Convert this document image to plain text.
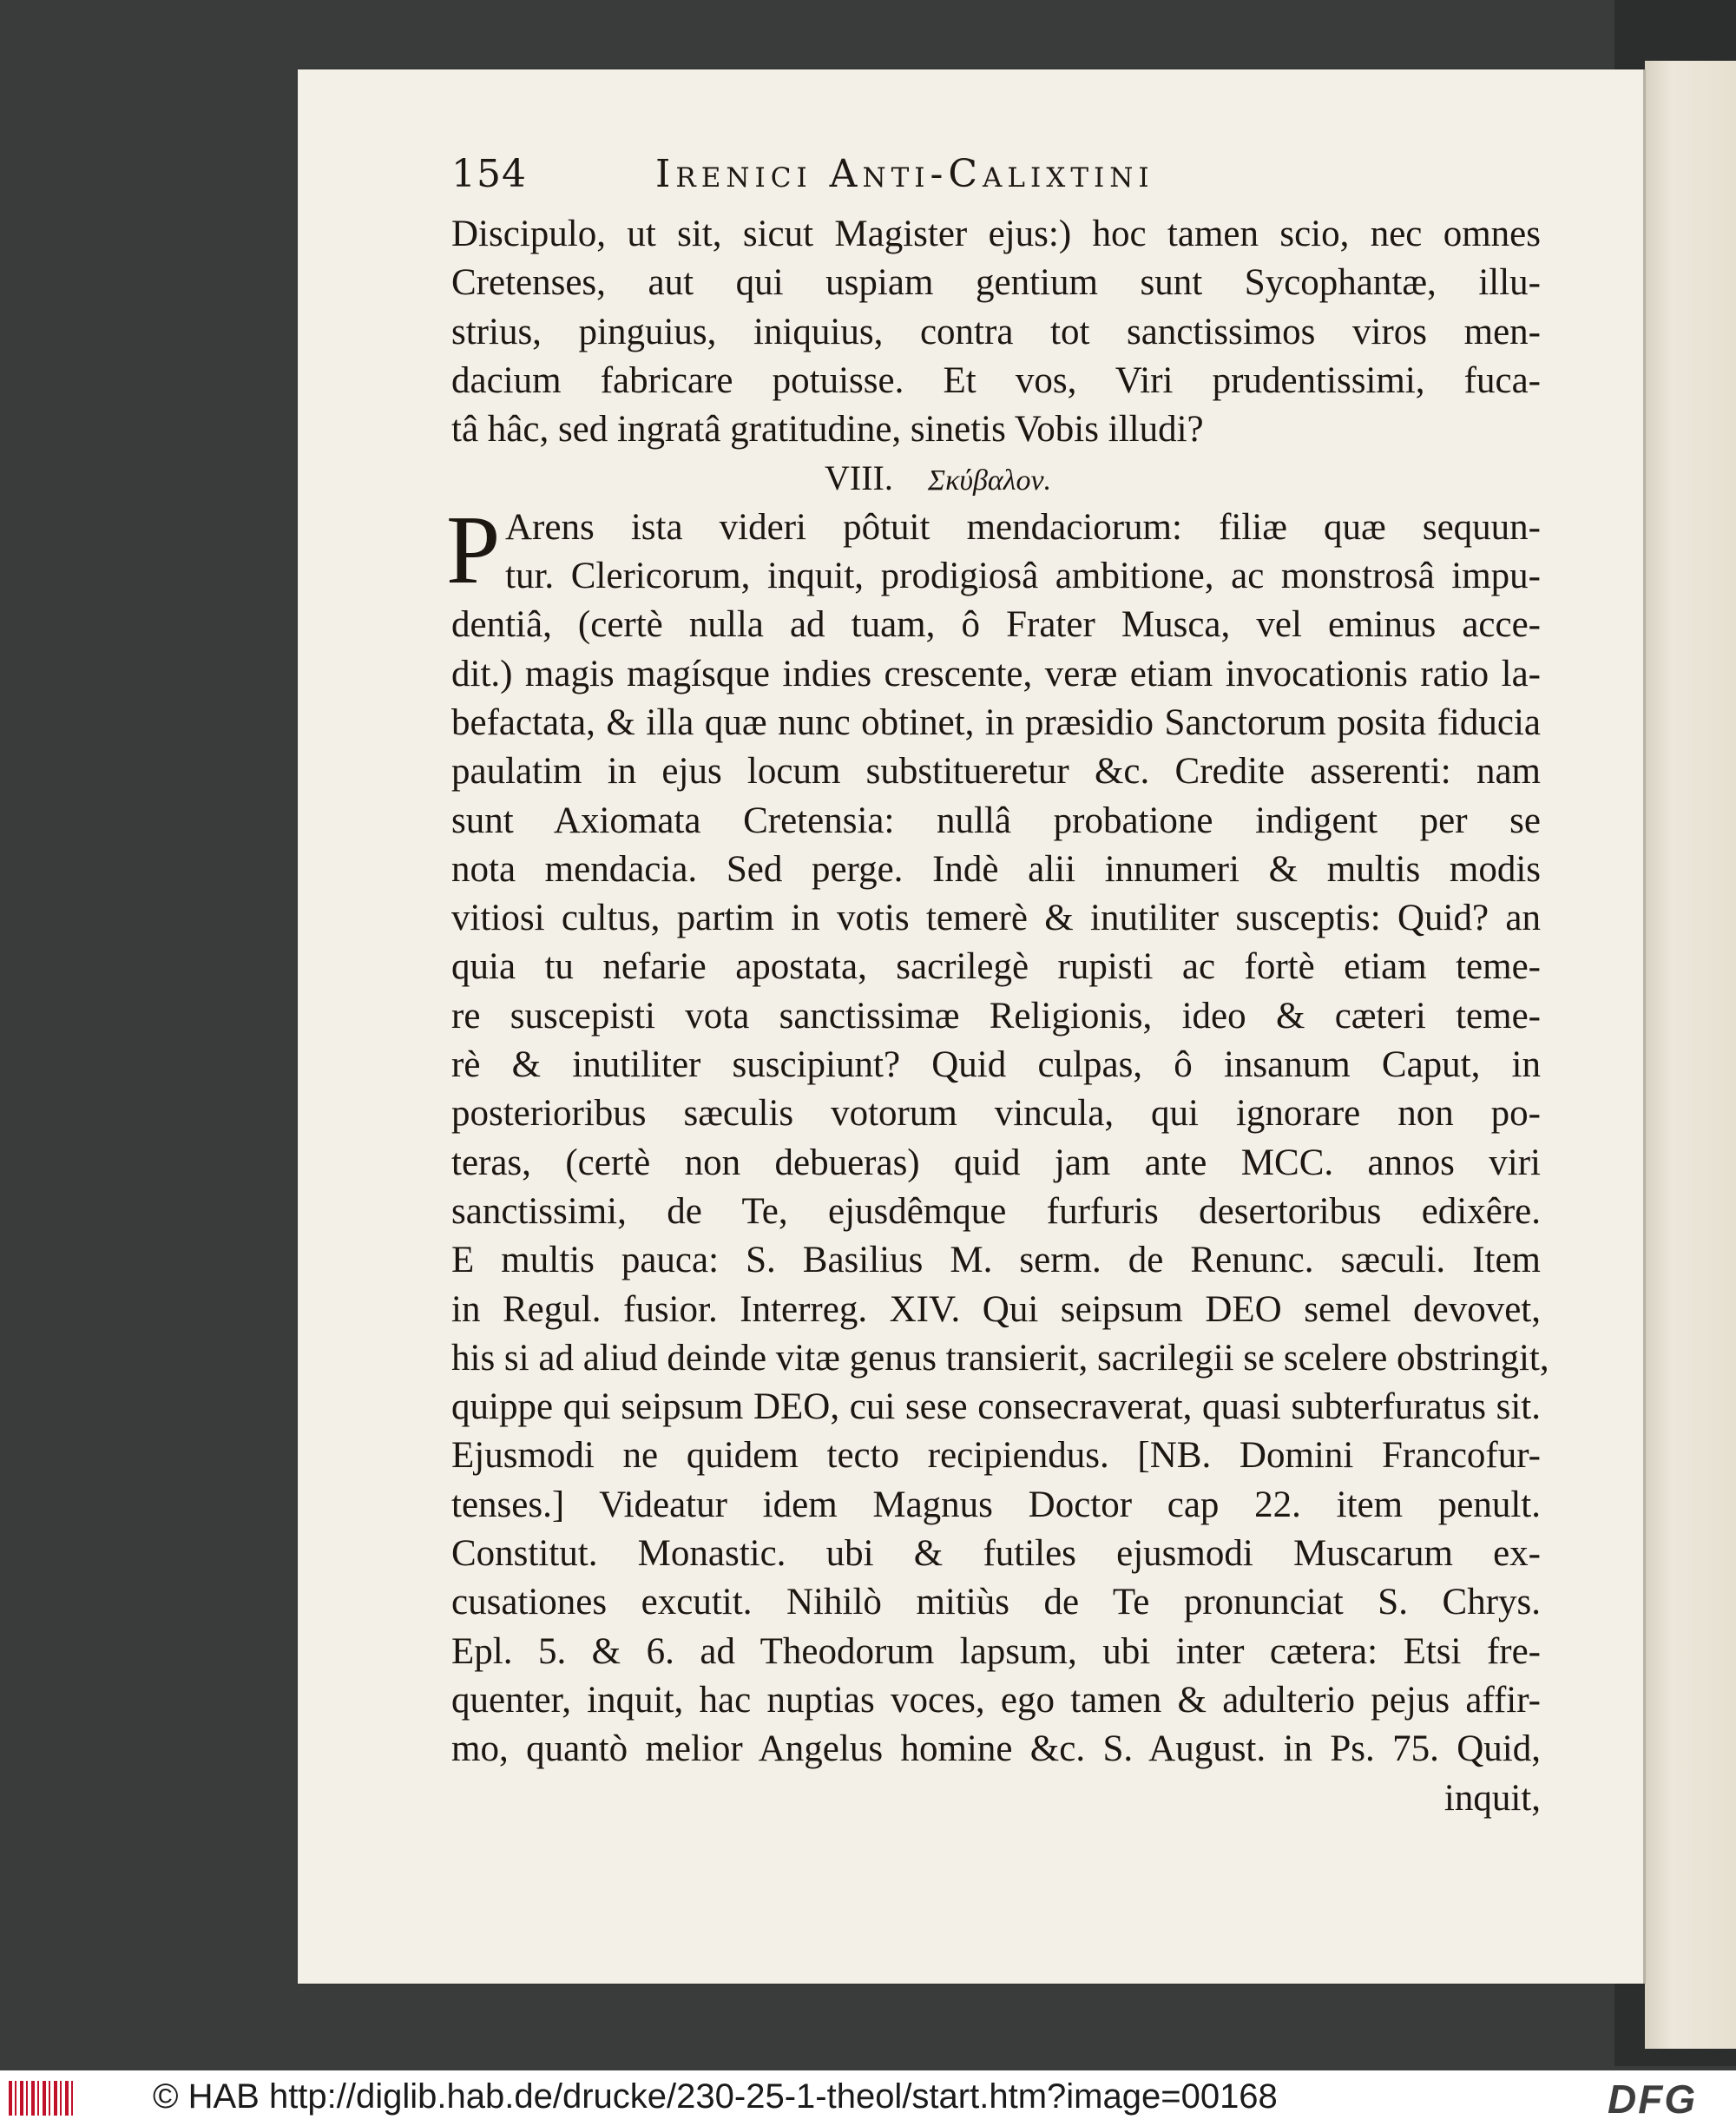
154	Irenici Anti-Calixtini
Discipulo, ut sit, sicut Magister ejus:) hoc tamen scio, nec omnes
Cretenses, aut qui uspiam gentium sunt Sycophantæ, illu-
strius, pinguius, iniquius, contra tot sanctissimos viros men-
dacium fabricare potuisse. Et vos, Viri prudentissimi, fuca-
tâ hâc, sed ingratâ gratitudine, sinetis Vobis illudi?
VIII. Σκύβαλον.
P Arens ista videri pôtuit mendaciorum: filiæ quæ sequun-
tur. Clericorum, inquit, prodigiosâ ambitione, ac monstrosâ impu-
dentiâ, (certè nulla ad tuam, ô Frater Musca, vel eminus acce-
dit.) magis magísque indies crescente, veræ etiam invocationis ratio la-
befactata, & illa quæ nunc obtinet, in præsidio Sanctorum posita fiducia
paulatim in ejus locum substitueretur &c. Credite asserenti: nam
sunt Axiomata Cretensia: nullâ probatione indigent per se
nota mendacia. Sed perge. Indè alii innumeri & multis modis
vitiosi cultus, partim in votis temerè & inutiliter susceptis: Quid? an
quia tu nefarie apostata, sacrilegè rupisti ac fortè etiam teme-
re suscepisti vota sanctissimæ Religionis, ideo & cæteri teme-
rè & inutiliter suscipiunt? Quid culpas, ô insanum Caput, in
posterioribus sæculis votorum vincula, qui ignorare non po-
teras, (certè non debueras) quid jam ante MCC. annos viri
sanctissimi, de Te, ejusdêmque furfuris desertoribus edixêre.
E multis pauca: S. Basilius M. serm. de Renunc. sæculi. Item
in Regul. fusior. Interreg. XIV. Qui seipsum DEO semel devovet,
his si ad aliud deinde vitæ genus transierit, sacrilegii se scelere obstringit,
quippe qui seipsum DEO, cui sese consecraverat, quasi subterfuratus sit.
Ejusmodi ne quidem tecto recipiendus. [NB. Domini Francofur-
tenses.] Videatur idem Magnus Doctor cap 22. item penult.
Constitut. Monastic. ubi & futiles ejusmodi Muscarum ex-
cusationes excutit. Nihilò mitiùs de Te pronunciat S. Chrys.
Epl. 5. & 6. ad Theodorum lapsum, ubi inter cætera: Etsi fre-
quenter, inquit, hac nuptias voces, ego tamen & adulterio pejus affir-
mo, quantò melior Angelus homine &c. S. August. in Ps. 75. Quid,
inquit,
© HAB http://diglib.hab.de/drucke/230-25-1-theol/start.htm?image=00168	DFG
